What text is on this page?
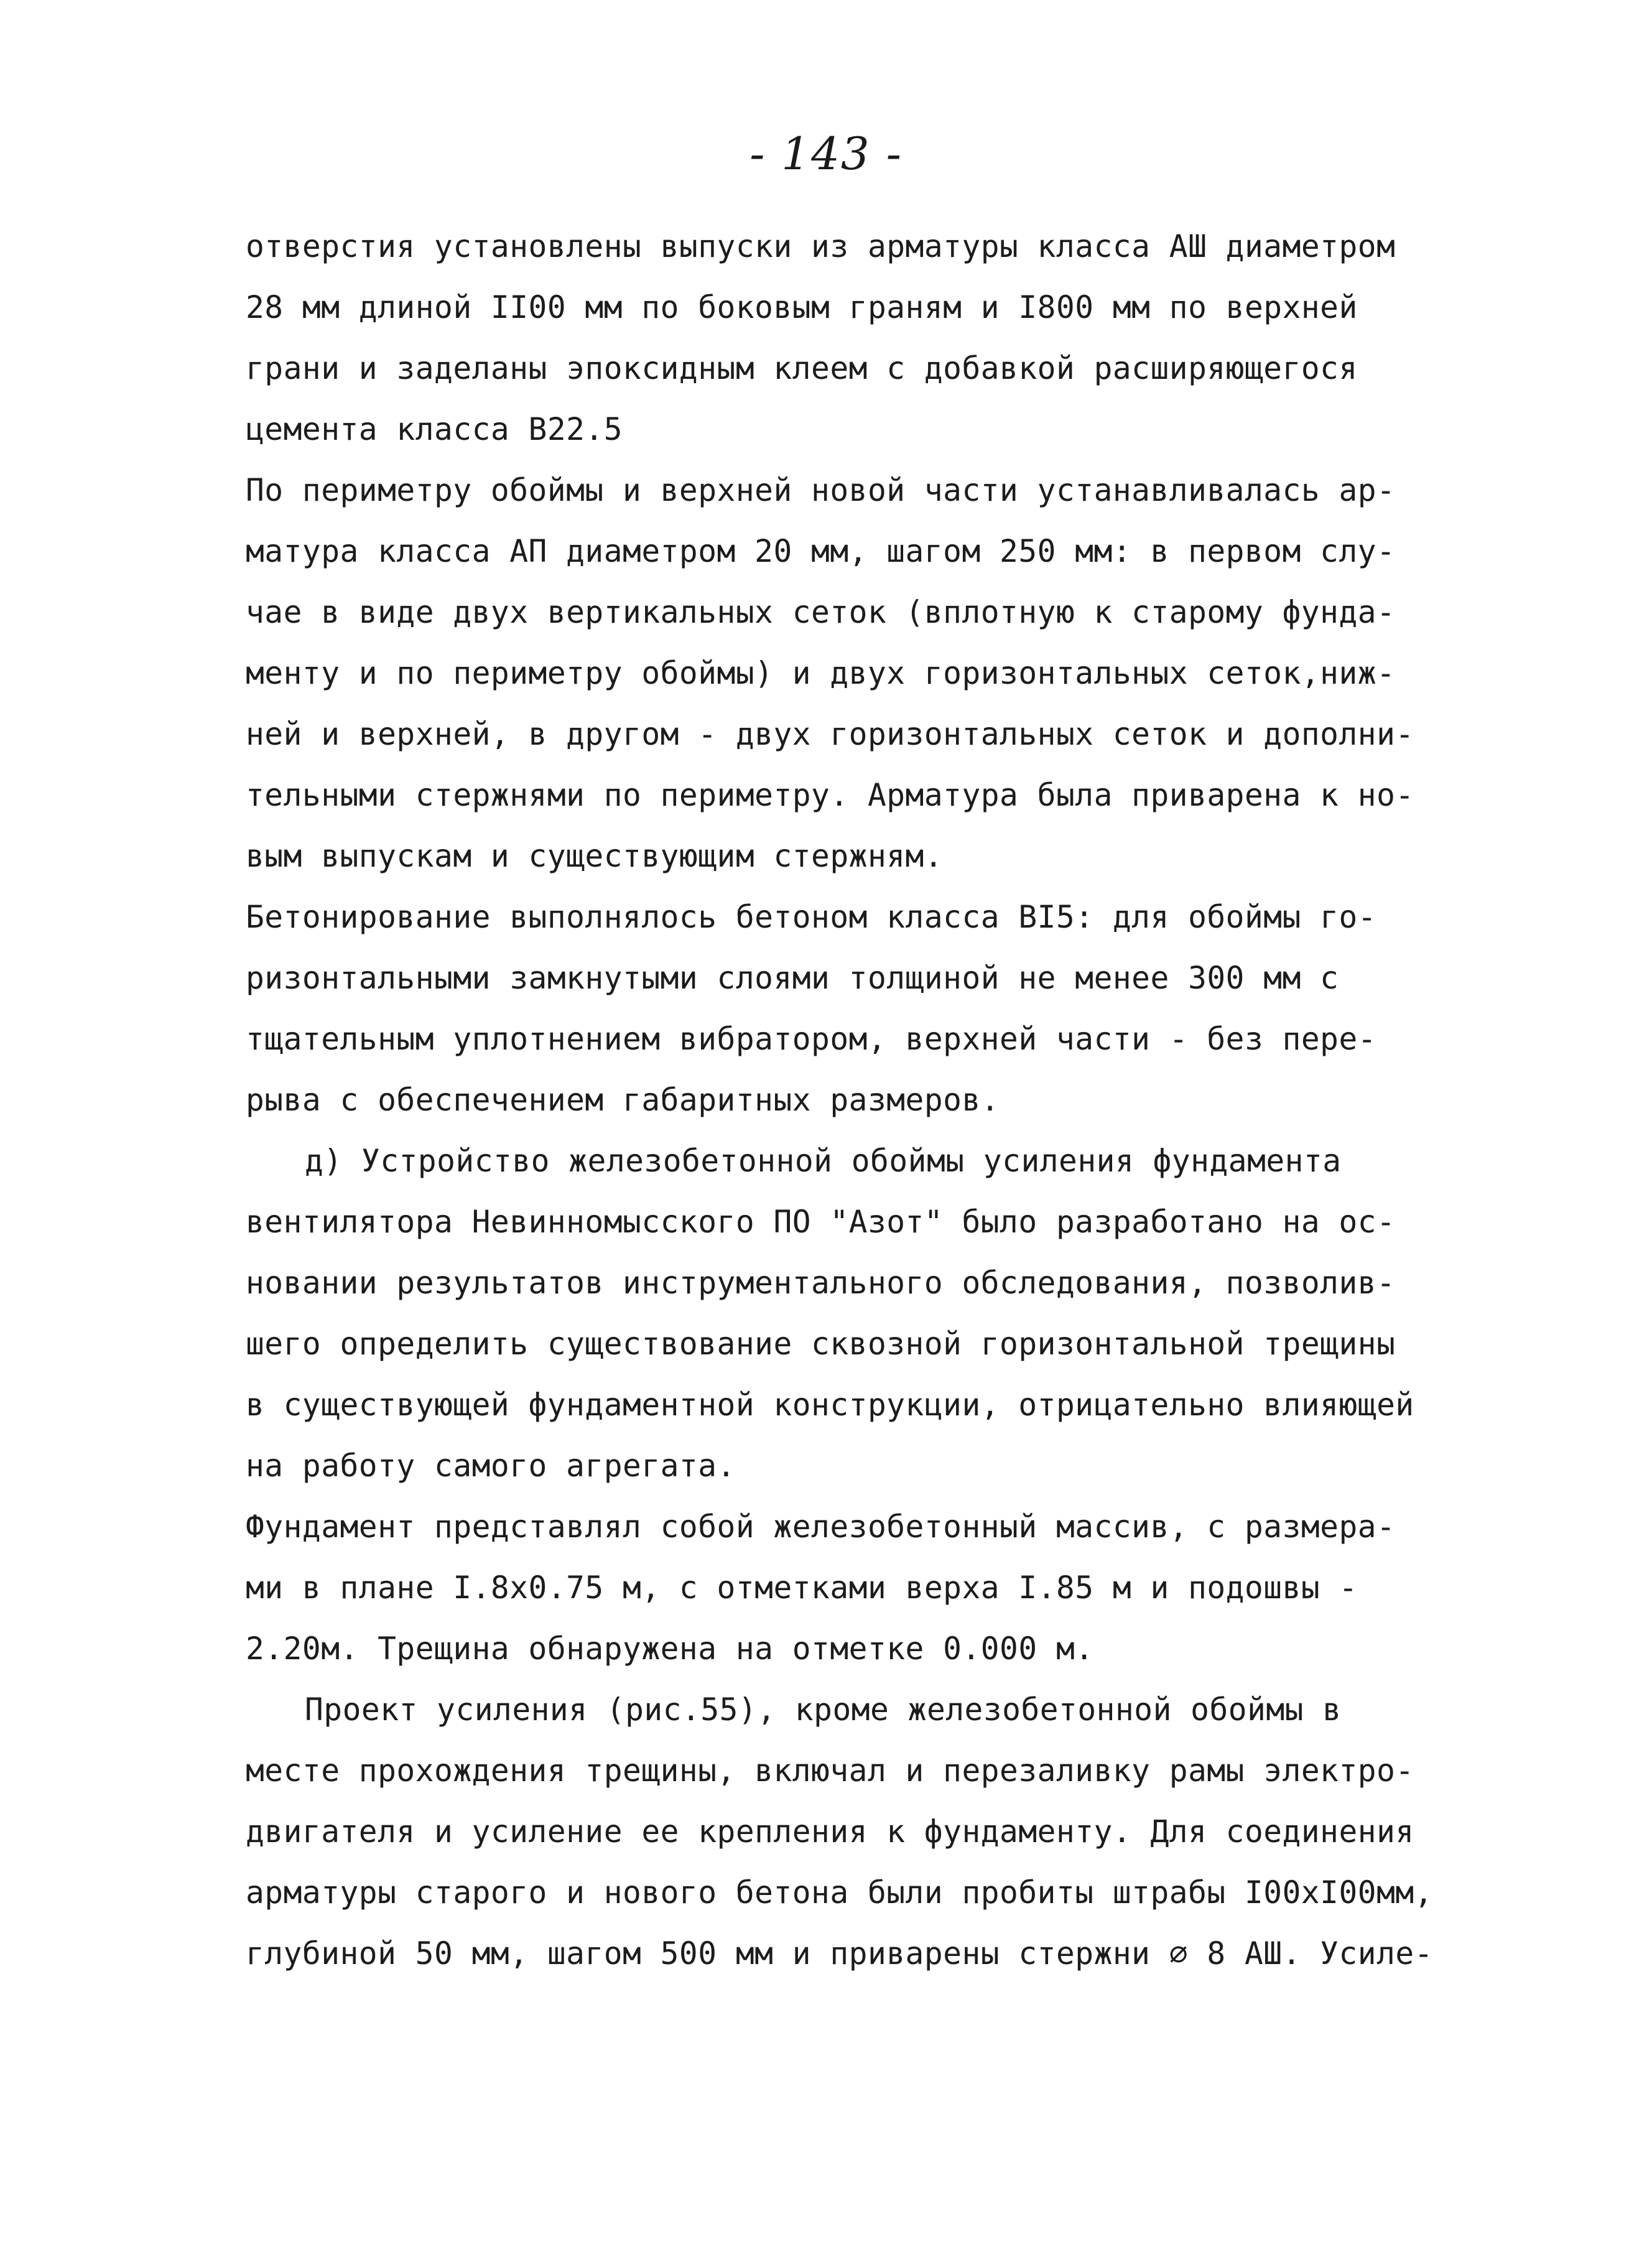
- 143 -
отверстия установлены выпуски из арматуры класса АШ диаметром
28 мм длиной II00 мм по боковым граням и I800 мм по верхней
грани и заделаны эпоксидным клеем с добавкой расширяющегося
цемента класса В22.5
По периметру обоймы и верхней новой части устанавливалась ар-
матура класса АП диаметром 20 мм, шагом 250 мм: в первом слу-
чае в виде двух вертикальных сеток (вплотную к старому фунда-
менту и по периметру обоймы) и двух горизонтальных сеток,ниж-
ней и верхней, в другом - двух горизонтальных сеток и дополни-
тельными стержнями по периметру. Арматура была приварена к но-
вым выпускам и существующим стержням.
Бетонирование выполнялось бетоном класса BI5: для обоймы го-
ризонтальными замкнутыми слоями толщиной не менее 300 мм с
тщательным уплотнением вибратором, верхней части - без пере-
рыва с обеспечением габаритных размеров.
д) Устройство железобетонной обоймы усиления фундамента
вентилятора Невинномысского ПО "Азот" было разработано на ос-
новании результатов инструментального обследования, позволив-
шего определить существование сквозной горизонтальной трещины
в существующей фундаментной конструкции, отрицательно влияющей
на работу самого агрегата.
Фундамент представлял собой железобетонный массив, с размера-
ми в плане I.8х0.75 м, с отметками верха I.85 м и подошвы -
2.20м. Трещина обнаружена на отметке 0.000 м.
Проект усиления (рис.55), кроме железобетонной обоймы в
месте прохождения трещины, включал и перезаливку рамы электро-
двигателя и усиление ее крепления к фундаменту. Для соединения
арматуры старого и нового бетона были пробиты штрабы I00хI00мм,
глубиной 50 мм, шагом 500 мм и приварены стержни ∅ 8 АШ. Усиле-
